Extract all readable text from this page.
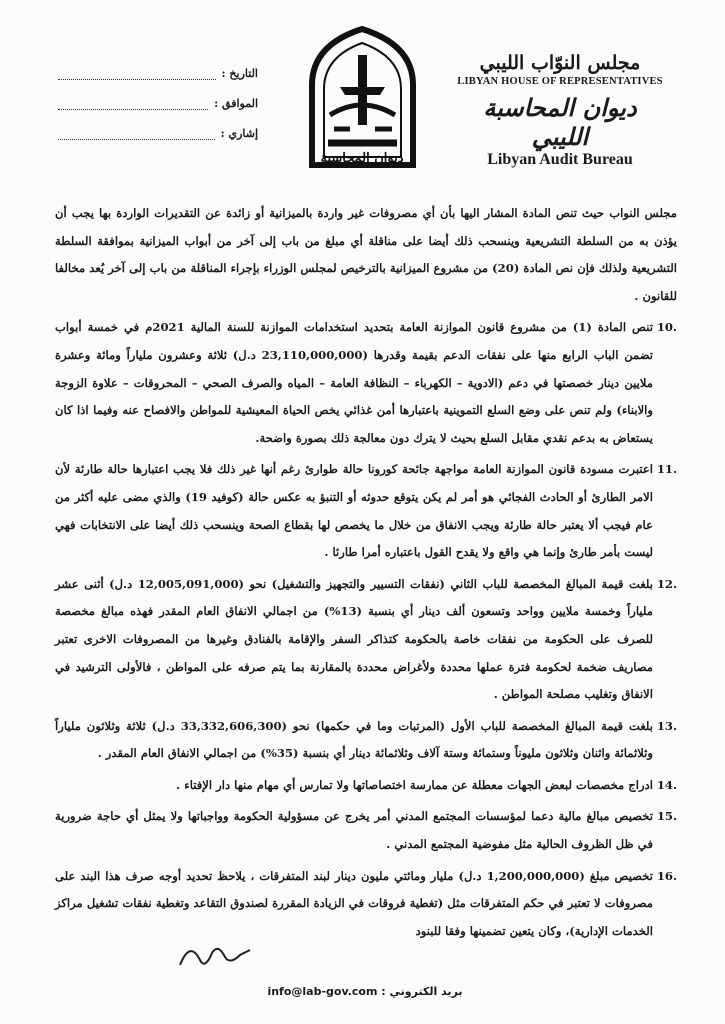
التاريخ :
الموافق :
إشاري :
ديوان المحاسبة
مجلس النوّاب الليبي
LIBYAN HOUSE OF REPRESENTATIVES
ديوان المحاسبة الليبي
Libyan Audit Bureau

مجلس النواب حيث تنص المادة المشار اليها بأن أي مصروفات غير واردة بالميزانية أو زائدة عن التقديرات الواردة بها يجب أن يؤذن به من السلطة التشريعية وينسحب ذلك أيضا على مناقلة أي مبلغ من باب إلى آخر من أبواب الميزانية بموافقة السلطة التشريعية ولذلك فإن نص المادة (20) من مشروع الميزانية بالترخيص لمجلس الوزراء بإجراء المناقلة من باب إلى آخر يُعد مخالفا للقانون .

10.
تنص المادة (1) من مشروع قانون الموازنة العامة بتحديد استخدامات الموازنة للسنة المالية 2021م في خمسة أبواب تضمن الباب الرابع منها على نفقات الدعم بقيمة وقدرها (23,110,000,000 د.ل) ثلاثة وعشرون ملياراً ومائة وعشرة ملايين دينار خصصتها في دعم (الادوية – الكهرباء – النظافة العامة – المياه والصرف الصحي – المحروقات – علاوة الزوجة والابناء) ولم تنص على وضع السلع التموينية باعتبارها أمن غذائي يخص الحياة المعيشية للمواطن والافصاح عنه وفيما اذا كان يستعاض به بدعم نقدي مقابل السلع بحيث لا يترك دون معالجة ذلك بصورة واضحة.
11.
اعتبرت مسودة قانون الموازنة العامة مواجهة جائحة كورونا حالة طوارئ رغم أنها غير ذلك فلا يجب اعتبارها حالة طارئة لأن الامر الطارئ أو الحادث الفجائي هو أمر لم يكن يتوقع حدوثه أو التنبؤ به عكس حالة (كوفيد 19) والذي مضى عليه أكثر من عام فيجب ألا يعتبر حالة طارئة ويجب الانفاق من خلال ما يخصص لها بقطاع الصحة وينسحب ذلك أيضا على الانتخابات فهي ليست بأمر طارئ وإنما هي واقع ولا يقدح القول باعتباره أمرا طارئا .
12.
بلغت قيمة المبالغ المخصصة للباب الثاني (نفقات التسيير والتجهيز والتشغيل) نحو (12,005,091,000 د.ل) أثنى عشر ملياراً وخمسة ملايين وواحد وتسعون ألف دينار أي بنسبة (13%) من اجمالي الانفاق العام المقدر فهذه مبالغ مخصصة للصرف على الحكومة من نفقات خاصة بالحكومة كتذاكر السفر والإقامة بالفنادق وغيرها من المصروفات الاخرى تعتبر مصاريف ضخمة لحكومة فترة عملها محددة ولأغراض محددة بالمقارنة بما يتم صرفه على المواطن ، فالأولى الترشيد في الانفاق وتغليب مصلحة المواطن .
13.
بلغت قيمة المبالغ المخصصة للباب الأول (المرتبات وما في حكمها) نحو (33,332,606,300 د.ل) ثلاثة وثلاثون ملياراً وثلاثمائة واثنان وثلاثون مليوناً وستمائة وستة آلاف وثلاثمائة دينار أي بنسبة (35%) من اجمالي الانفاق العام المقدر .
14.
ادراج مخصصات لبعض الجهات معطلة عن ممارسة اختصاصاتها ولا تمارس أي مهام منها دار الإفتاء .
15.
تخصيص مبالغ مالية دعما لمؤسسات المجتمع المدني أمر يخرج عن مسؤولية الحكومة وواجباتها ولا يمثل أي حاجة ضرورية في ظل الظروف الحالية مثل مفوضية المجتمع المدني .
16.
تخصيص مبلغ (1,200,000,000 د.ل) مليار ومائتي مليون دينار لبند المتفرقات ، يلاحظ تحديد أوجه صرف هذا البند على مصروفات لا تعتبر في حكم المتفرقات مثل (تغطية فروقات في الزيادة المقررة لصندوق التقاعد وتغطية نفقات تشغيل مراكز الخدمات الإدارية)، وكان يتعين تضمينها وفقا للبنود
بريد الكتروني : info@lab-gov.com
